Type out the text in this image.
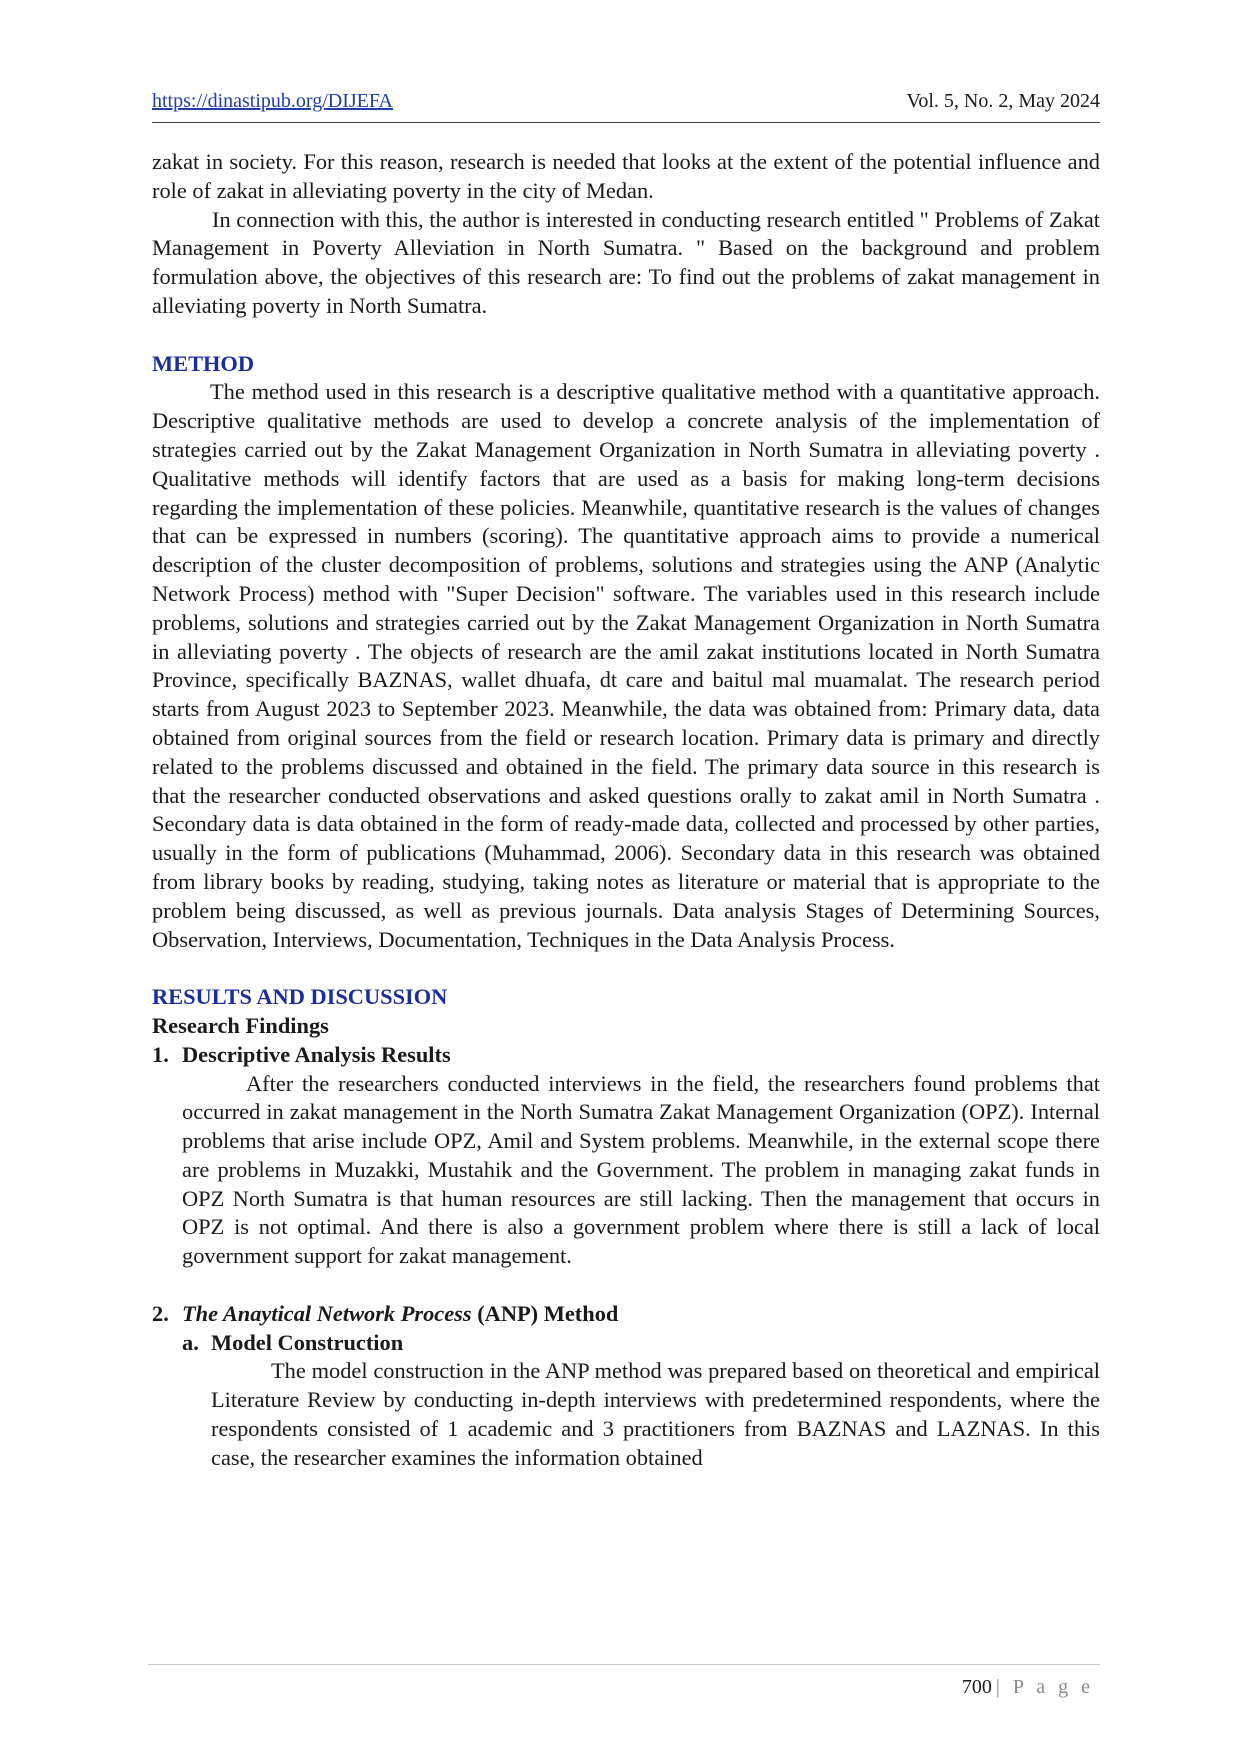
https://dinastipub.org/DIJEFA	Vol. 5, No. 2, May 2024

zakat in society. For this reason, research is needed that looks at the extent of the potential influence and role of zakat in alleviating poverty in the city of Medan.

In connection with this, the author is interested in conducting research entitled " Problems of Zakat Management in Poverty Alleviation in North Sumatra. " Based on the background and problem formulation above, the objectives of this research are: To find out the problems of zakat management in alleviating poverty in North Sumatra.

METHOD

The method used in this research is a descriptive qualitative method with a quantitative approach. Descriptive qualitative methods are used to develop a concrete analysis of the implementation of strategies carried out by the Zakat Management Organization in North Sumatra in alleviating poverty . Qualitative methods will identify factors that are used as a basis for making long-term decisions regarding the implementation of these policies. Meanwhile, quantitative research is the values of changes that can be expressed in numbers (scoring). The quantitative approach aims to provide a numerical description of the cluster decomposition of problems, solutions and strategies using the ANP (Analytic Network Process) method with "Super Decision" software. The variables used in this research include problems, solutions and strategies carried out by the Zakat Management Organization in North Sumatra in alleviating poverty . The objects of research are the amil zakat institutions located in North Sumatra Province, specifically BAZNAS, wallet dhuafa, dt care and baitul mal muamalat. The research period starts from August 2023 to September 2023. Meanwhile, the data was obtained from: Primary data, data obtained from original sources from the field or research location. Primary data is primary and directly related to the problems discussed and obtained in the field. The primary data source in this research is that the researcher conducted observations and asked questions orally to zakat amil in North Sumatra . Secondary data is data obtained in the form of ready-made data, collected and processed by other parties, usually in the form of publications (Muhammad, 2006). Secondary data in this research was obtained from library books by reading, studying, taking notes as literature or material that is appropriate to the problem being discussed, as well as previous journals. Data analysis Stages of Determining Sources, Observation, Interviews, Documentation, Techniques in the Data Analysis Process.

RESULTS AND DISCUSSION

Research Findings

1. Descriptive Analysis Results

After the researchers conducted interviews in the field, the researchers found problems that occurred in zakat management in the North Sumatra Zakat Management Organization (OPZ). Internal problems that arise include OPZ, Amil and System problems. Meanwhile, in the external scope there are problems in Muzakki, Mustahik and the Government. The problem in managing zakat funds in OPZ North Sumatra is that human resources are still lacking. Then the management that occurs in OPZ is not optimal. And there is also a government problem where there is still a lack of local government support for zakat management.

2. The Anaytical Network Process (ANP) Method
a. Model Construction

The model construction in the ANP method was prepared based on theoretical and empirical Literature Review by conducting in-depth interviews with predetermined respondents, where the respondents consisted of 1 academic and 3 practitioners from BAZNAS and LAZNAS. In this case, the researcher examines the information obtained

700 | P a g e
